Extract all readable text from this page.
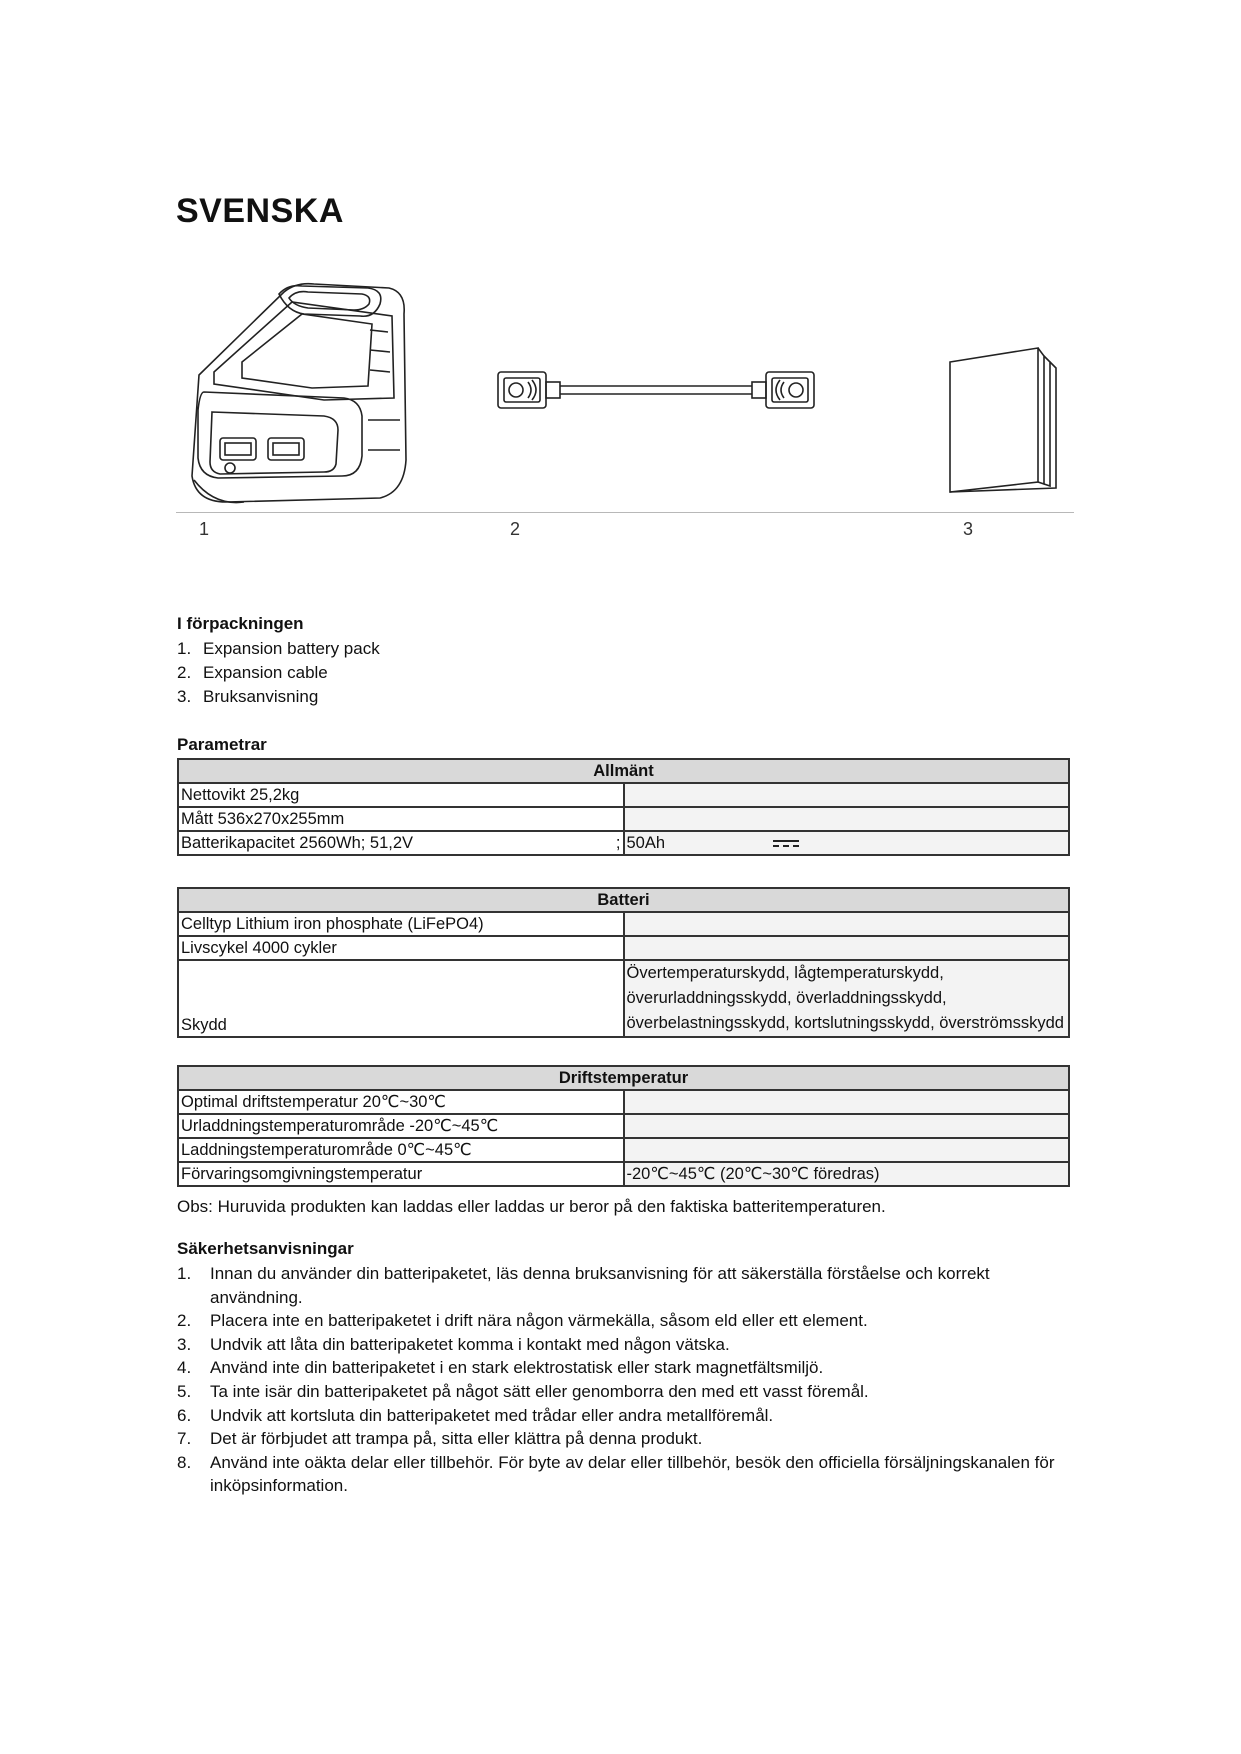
SVENSKA
1	2	3
I förpackningen
1. Expansion battery pack
2. Expansion cable
3. Bruksanvisning
Parametrar
Allmänt	
Nettovikt 25,2kg	
Mått 536x270x255mm	
Batterikapacitet 2560Wh; 51,2V ;	50Ah
Batteri	
Celltyp Lithium iron phosphate (LiFePO4)	
Livscykel 4000 cykler	
Skydd	Övertemperaturskydd, lågtemperaturskydd, överurladdningsskydd, överladdningsskydd, överbelastningsskydd, kortslutningsskydd, överströmsskydd
Driftstemperatur	
Optimal driftstemperatur 20℃~30℃	
Urladdningstemperaturområde -20℃~45℃	
Laddningstemperaturområde 0℃~45℃	
Förvaringsomgivningstemperatur	-20℃~45℃ (20℃~30℃ föredras)

Obs: Huruvida produkten kan laddas eller laddas ur beror på den faktiska batteritemperaturen.

Säkerhetsanvisningar
1.	Innan du använder din batteripaketet, läs denna bruksanvisning för att säkerställa förståelse och korrekt användning.
2.	Placera inte en batteripaketet i drift nära någon värmekälla, såsom eld eller ett element.
3.	Undvik att låta din batteripaketet komma i kontakt med någon vätska.
4.	Använd inte din batteripaketet i en stark elektrostatisk eller stark magnetfältsmiljö.
5.	Ta inte isär din batteripaketet på något sätt eller genomborra den med ett vasst föremål.
6.	Undvik att kortsluta din batteripaketet med trådar eller andra metallföremål.
7.	Det är förbjudet att trampa på, sitta eller klättra på denna produkt.
8.	Använd inte oäkta delar eller tillbehör. För byte av delar eller tillbehör, besök den officiella försäljningskanalen för inköpsinformation.
